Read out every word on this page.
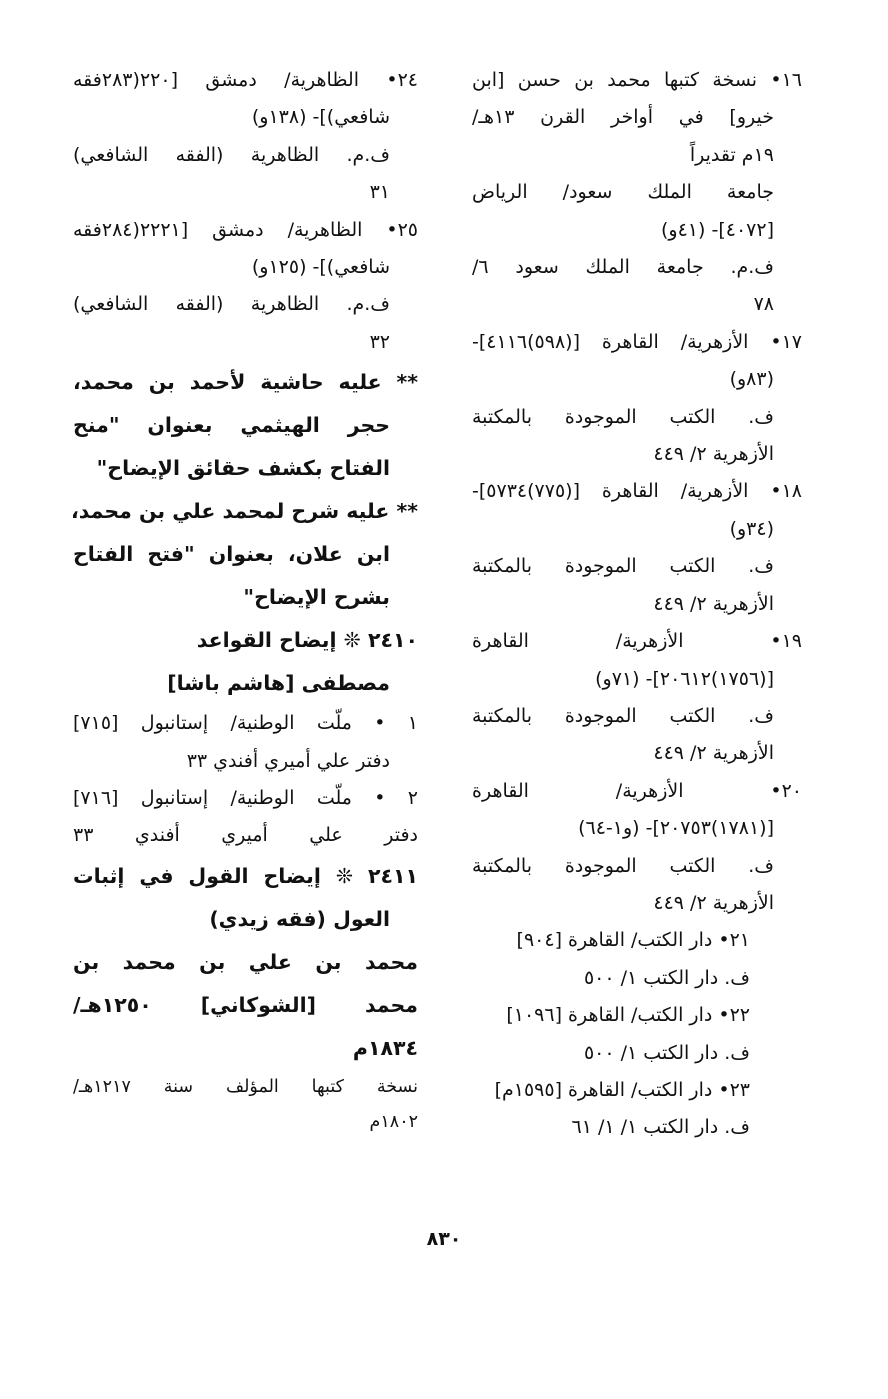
١٦• نسخة كتبها محمد بن حسن [ابن
خيرو] في أواخر القرن ١٣هـ/
١٩م تقديراً
جامعة الملك سعود/ الرياض
[٤٠٧٢]- (٤١و)
ف.م. جامعة الملك سعود ٦/
٧٨
١٧• الأزهرية/ القاهرة [(٥٩٨)٤١١٦]-
(٨٣و)
ف. الكتب الموجودة بالمكتبة
الأزهرية ٢/ ٤٤٩
١٨• الأزهرية/ القاهرة [(٧٧٥)٥٧٣٤]-
(٣٤و)
ف. الكتب الموجودة بالمكتبة
الأزهرية ٢/ ٤٤٩
١٩• الأزهرية/ القاهرة
[(١٧٥٦)٢٠٦١٢]- (٧١و)
ف. الكتب الموجودة بالمكتبة
الأزهرية ٢/ ٤٤٩
٢٠• الأزهرية/ القاهرة
[(١٧٨١)٢٠٧٥٣]- (و١-٦٤)
ف. الكتب الموجودة بالمكتبة
الأزهرية ٢/ ٤٤٩
٢١• دار الكتب/ القاهرة [٩٠٤]
ف. دار الكتب ١/ ٥٠٠
٢٢• دار الكتب/ القاهرة [١٠٩٦]
ف. دار الكتب ١/ ٥٠٠
٢٣• دار الكتب/ القاهرة [١٥٩٥م]
ف. دار الكتب ١/ ١/ ٦١
٢٤• الظاهرية/ دمشق [٢٢٠(٢٨٣فقه
شافعي)]- (١٣٨و)
ف.م. الظاهرية (الفقه الشافعي)
٣١
٢٥• الظاهرية/ دمشق [٢٢٢١(٢٨٤فقه
شافعي)]- (١٢٥و)
ف.م. الظاهرية (الفقه الشافعي)
٣٢
** عليه حاشية لأحمد بن محمد،
حجر الهيثمي بعنوان "منح
الفتاح بكشف حقائق الإيضاح"
** عليه شرح لمحمد علي بن محمد،
ابن علان، بعنوان "فتح الفتاح
بشرح الإيضاح"
٢٤١٠ ❊ إيضاح القواعد
مصطفى [هاشم باشا]
١ • ملّت الوطنية/ إستانبول [٧١٥]
دفتر علي أميري أفندي ٣٣
٢ • ملّت الوطنية/ إستانبول [٧١٦]
دفتر علي أميري أفندي ٣٣
٢٤١١ ❊ إيضاح القول في إثبات
العول (فقه زيدي)
محمد بن علي بن محمد بن
محمد [الشوكاني] ١٢٥٠هـ/
١٨٣٤م
نسخة كتبها المؤلف سنة ١٢١٧هـ/
١٨٠٢م
٨٣٠
